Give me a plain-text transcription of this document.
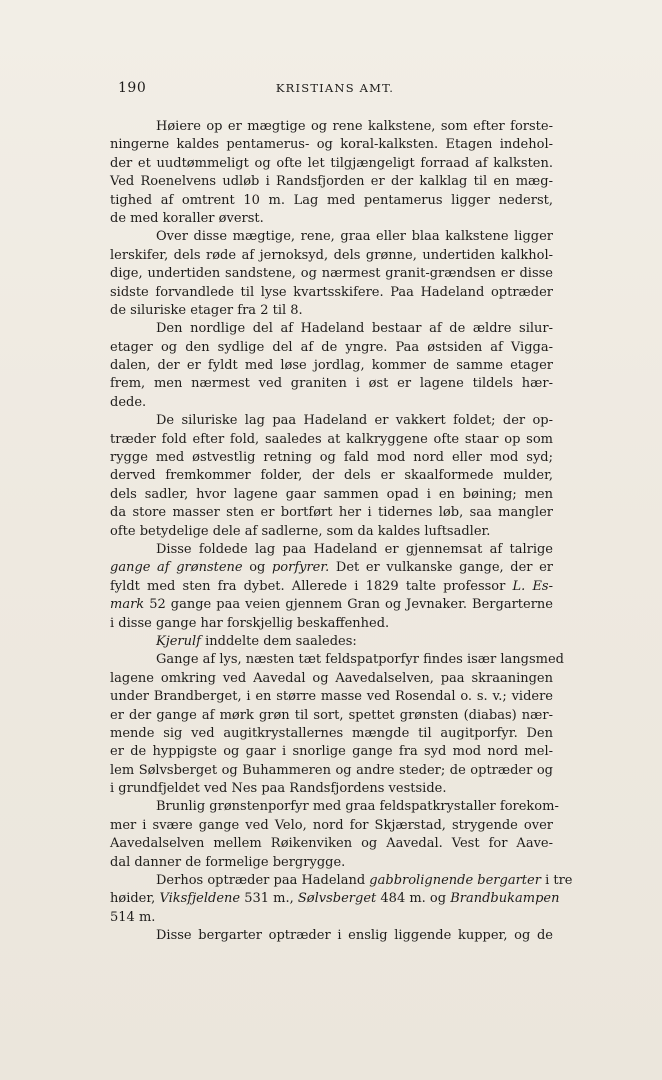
190	KRISTIANS AMT.
Høiere op er mægtige og rene kalkstene, som efter forste-
ningerne kaldes pentamerus- og koral-kalksten. Etagen indehol-
der et uudtømmeligt og ofte let tilgjængeligt forraad af kalksten.
Ved Roenelvens udløb i Randsfjorden er der kalklag til en mæg-
tighed af omtrent 10 m. Lag med pentamerus ligger nederst,
de med koraller øverst.
Over disse mægtige, rene, graa eller blaa kalkstene ligger
lerskifer, dels røde af jernoksyd, dels grønne, undertiden kalkhol-
dige, undertiden sandstene, og nærmest granit-grændsen er disse
sidste forvandlede til lyse kvartsskifere. Paa Hadeland optræder
de siluriske etager fra 2 til 8.
Den nordlige del af Hadeland bestaar af de ældre silur-
etager og den sydlige del af de yngre. Paa østsiden af Vigga-
dalen, der er fyldt med løse jordlag, kommer de samme etager
frem, men nærmest ved graniten i øst er lagene tildels hær-
dede.
De siluriske lag paa Hadeland er vakkert foldet; der op-
træder fold efter fold, saaledes at kalkryggene ofte staar op som
rygge med østvestlig retning og fald mod nord eller mod syd;
derved fremkommer folder, der dels er skaalformede mulder,
dels sadler, hvor lagene gaar sammen opad i en bøining; men
da store masser sten er bortført her i tidernes løb, saa mangler
ofte betydelige dele af sadlerne, som da kaldes luftsadler.
Disse foldede lag paa Hadeland er gjennemsat af talrige
gange af grønstene og porfyrer. Det er vulkanske gange, der er
fyldt med sten fra dybet. Allerede i 1829 talte professor L. Es-
mark 52 gange paa veien gjennem Gran og Jevnaker. Bergarterne
i disse gange har forskjellig beskaffenhed.
Kjerulf inddelte dem saaledes:
Gange af lys, næsten tæt feldspatporfyr findes især langsmed
lagene omkring ved Aavedal og Aavedalselven, paa skraaningen
under Brandberget, i en større masse ved Rosendal o. s. v.; videre
er der gange af mørk grøn til sort, spettet grønsten (diabas) nær-
mende sig ved augitkrystallernes mængde til augitporfyr. Den
er de hyppigste og gaar i snorlige gange fra syd mod nord mel-
lem Sølvsberget og Buhammeren og andre steder; de optræder og
i grundfjeldet ved Nes paa Randsfjordens vestside.
Brunlig grønstenporfyr med graa feldspatkrystaller forekom-
mer i svære gange ved Velo, nord for Skjærstad, strygende over
Aavedalselven mellem Røikenviken og Aavedal. Vest for Aave-
dal danner de formelige bergrygge.
Derhos optræder paa Hadeland gabbrolignende bergarter i tre
høider, Viksfjeldene 531 m., Sølvsberget 484 m. og Brandbukampen
514 m.
Disse bergarter optræder i enslig liggende kupper, og de
